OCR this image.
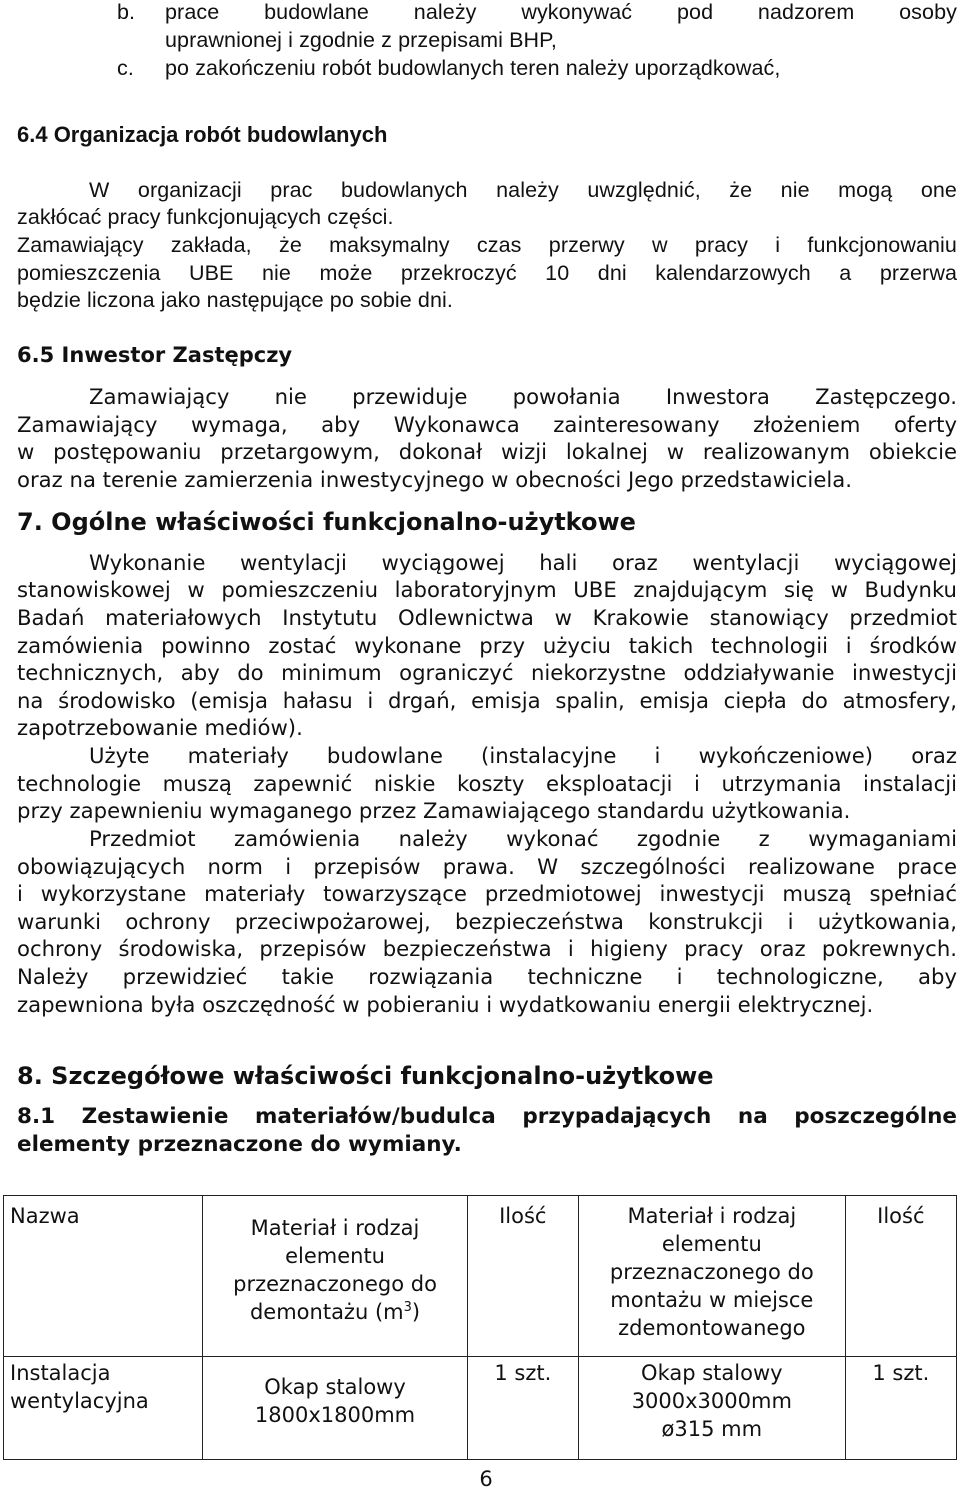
b. prace budowlane należy wykonywać pod nadzorem osoby
uprawnionej i zgodnie z przepisami BHP,
c. po zakończeniu robót budowlanych teren należy uporządkować,
6.4 Organizacja robót budowlanych
W organizacji prac budowlanych należy uwzględnić, że nie mogą one
zakłócać pracy funkcjonujących części.
Zamawiający zakłada, że maksymalny czas przerwy w pracy i funkcjonowaniu
pomieszczenia UBE nie może przekroczyć 10 dni kalendarzowych a przerwa
będzie liczona jako następujące po sobie dni.
6.5 Inwestor Zastępczy
Zamawiający nie przewiduje powołania Inwestora Zastępczego.
Zamawiający wymaga, aby Wykonawca zainteresowany złożeniem oferty
w postępowaniu przetargowym, dokonał wizji lokalnej w realizowanym obiekcie
oraz na terenie zamierzenia inwestycyjnego w obecności Jego przedstawiciela.
7. Ogólne właściwości funkcjonalno-użytkowe
Wykonanie wentylacji wyciągowej hali oraz wentylacji wyciągowej
stanowiskowej w pomieszczeniu laboratoryjnym UBE znajdującym się w Budynku
Badań materiałowych Instytutu Odlewnictwa w Krakowie stanowiący przedmiot
zamówienia powinno zostać wykonane przy użyciu takich technologii i środków
technicznych, aby do minimum ograniczyć niekorzystne oddziaływanie inwestycji
na środowisko (emisja hałasu i drgań, emisja spalin, emisja ciepła do atmosfery,
zapotrzebowanie mediów).
Użyte materiały budowlane (instalacyjne i wykończeniowe) oraz
technologie muszą zapewnić niskie koszty eksploatacji i utrzymania instalacji
przy zapewnieniu wymaganego przez Zamawiającego standardu użytkowania.
Przedmiot zamówienia należy wykonać zgodnie z wymaganiami
obowiązujących norm i przepisów prawa. W szczególności realizowane prace
i wykorzystane materiały towarzyszące przedmiotowej inwestycji muszą spełniać
warunki ochrony przeciwpożarowej, bezpieczeństwa konstrukcji i użytkowania,
ochrony środowiska, przepisów bezpieczeństwa i higieny pracy oraz pokrewnych.
Należy przewidzieć takie rozwiązania techniczne i technologiczne, aby
zapewniona była oszczędność w pobieraniu i wydatkowaniu energii elektrycznej.
8. Szczegółowe właściwości funkcjonalno-użytkowe
8.1 Zestawienie materiałów/budulca przypadających na poszczególne
elementy przeznaczone do wymiany.
Nazwa	Materiał i rodzaj elementu przeznaczonego do demontażu $(m^3)$	Ilość	Materiał i rodzaj elementu przeznaczonego do montażu w miejsce zdemontowanego	Ilość
Instalacja wentylacyjna	Okap stalowy 1800x1800mm	1 szt.	Okap stalowy
3000x3000mm
ø315 mm	1 szt.
6
